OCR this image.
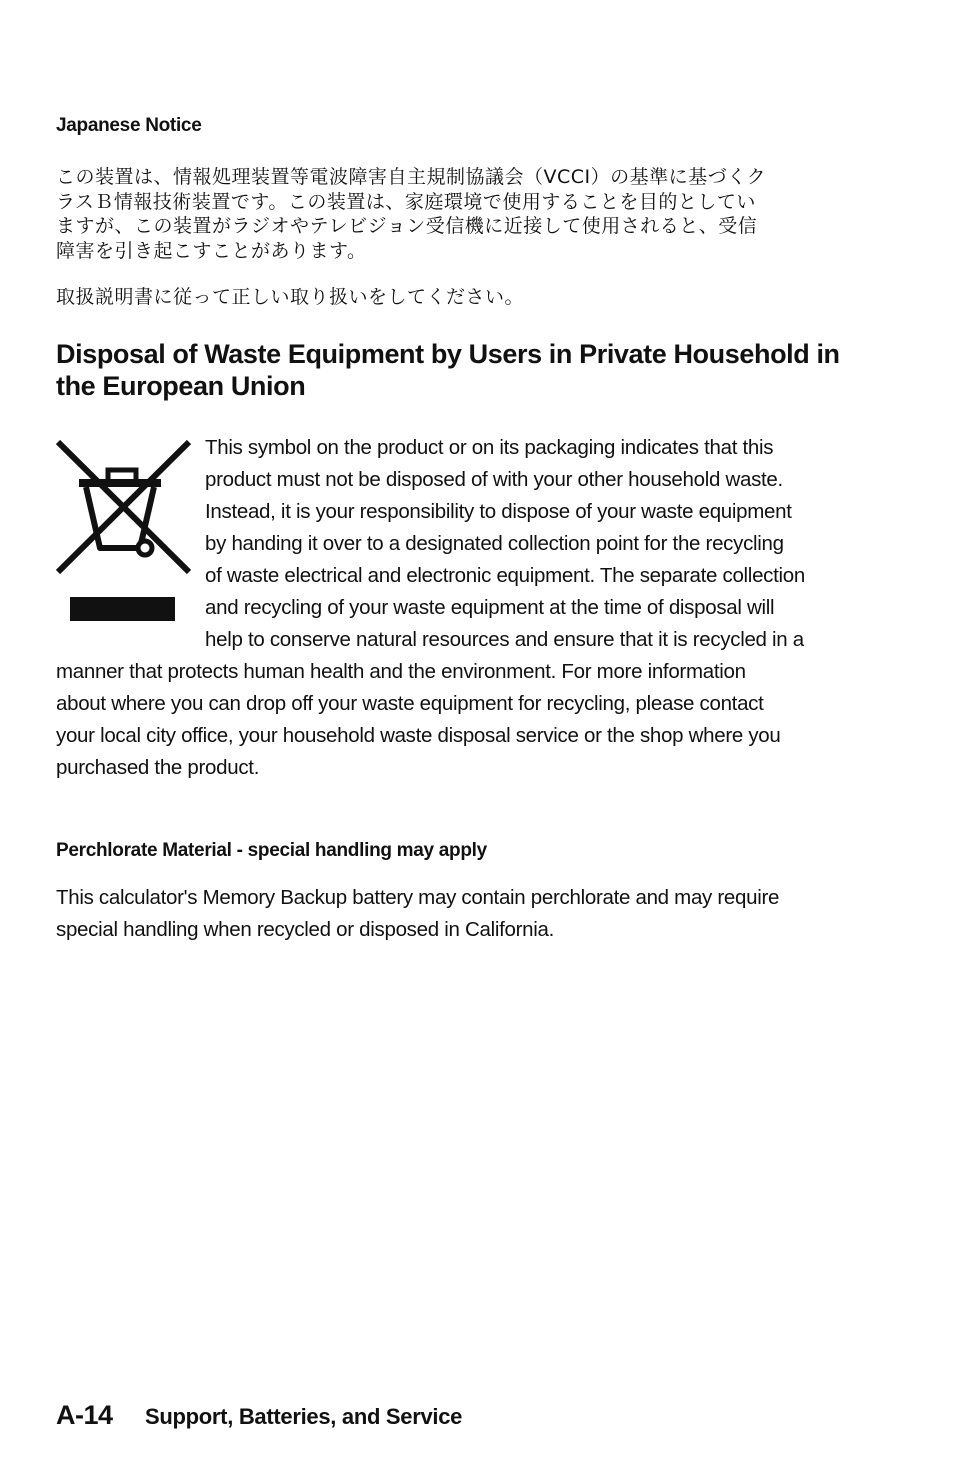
Japanese Notice
この装置は、情報処理装置等電波障害自主規制協議会（VCCI）の基準に基づくク
ラスＢ情報技術装置です。この装置は、家庭環境で使用することを目的としてい
ますが、この装置がラジオやテレビジョン受信機に近接して使用されると、受信
障害を引き起こすことがあります。
取扱説明書に従って正しい取り扱いをしてください。
Disposal of Waste Equipment by Users in Private Household in
the European Union

This symbol on the product or on its packaging indicates that this

product must not be disposed of with your other household waste.

Instead, it is your responsibility to dispose of your waste equipment

by handing it over to a designated collection point for the recycling

of waste electrical and electronic equipment. The separate collection

and recycling of your waste equipment at the time of disposal will

help to conserve natural resources and ensure that it is recycled in a

manner that protects human health and the environment. For more information

about where you can drop off your waste equipment for recycling, please contact

your local city office, your household waste disposal service or the shop where you

purchased the product.

Perchlorate Material - special handling may apply

This calculator's Memory Backup battery may contain perchlorate and may require

special handling when recycled or disposed in California.

A-14 Support, Batteries, and Service
